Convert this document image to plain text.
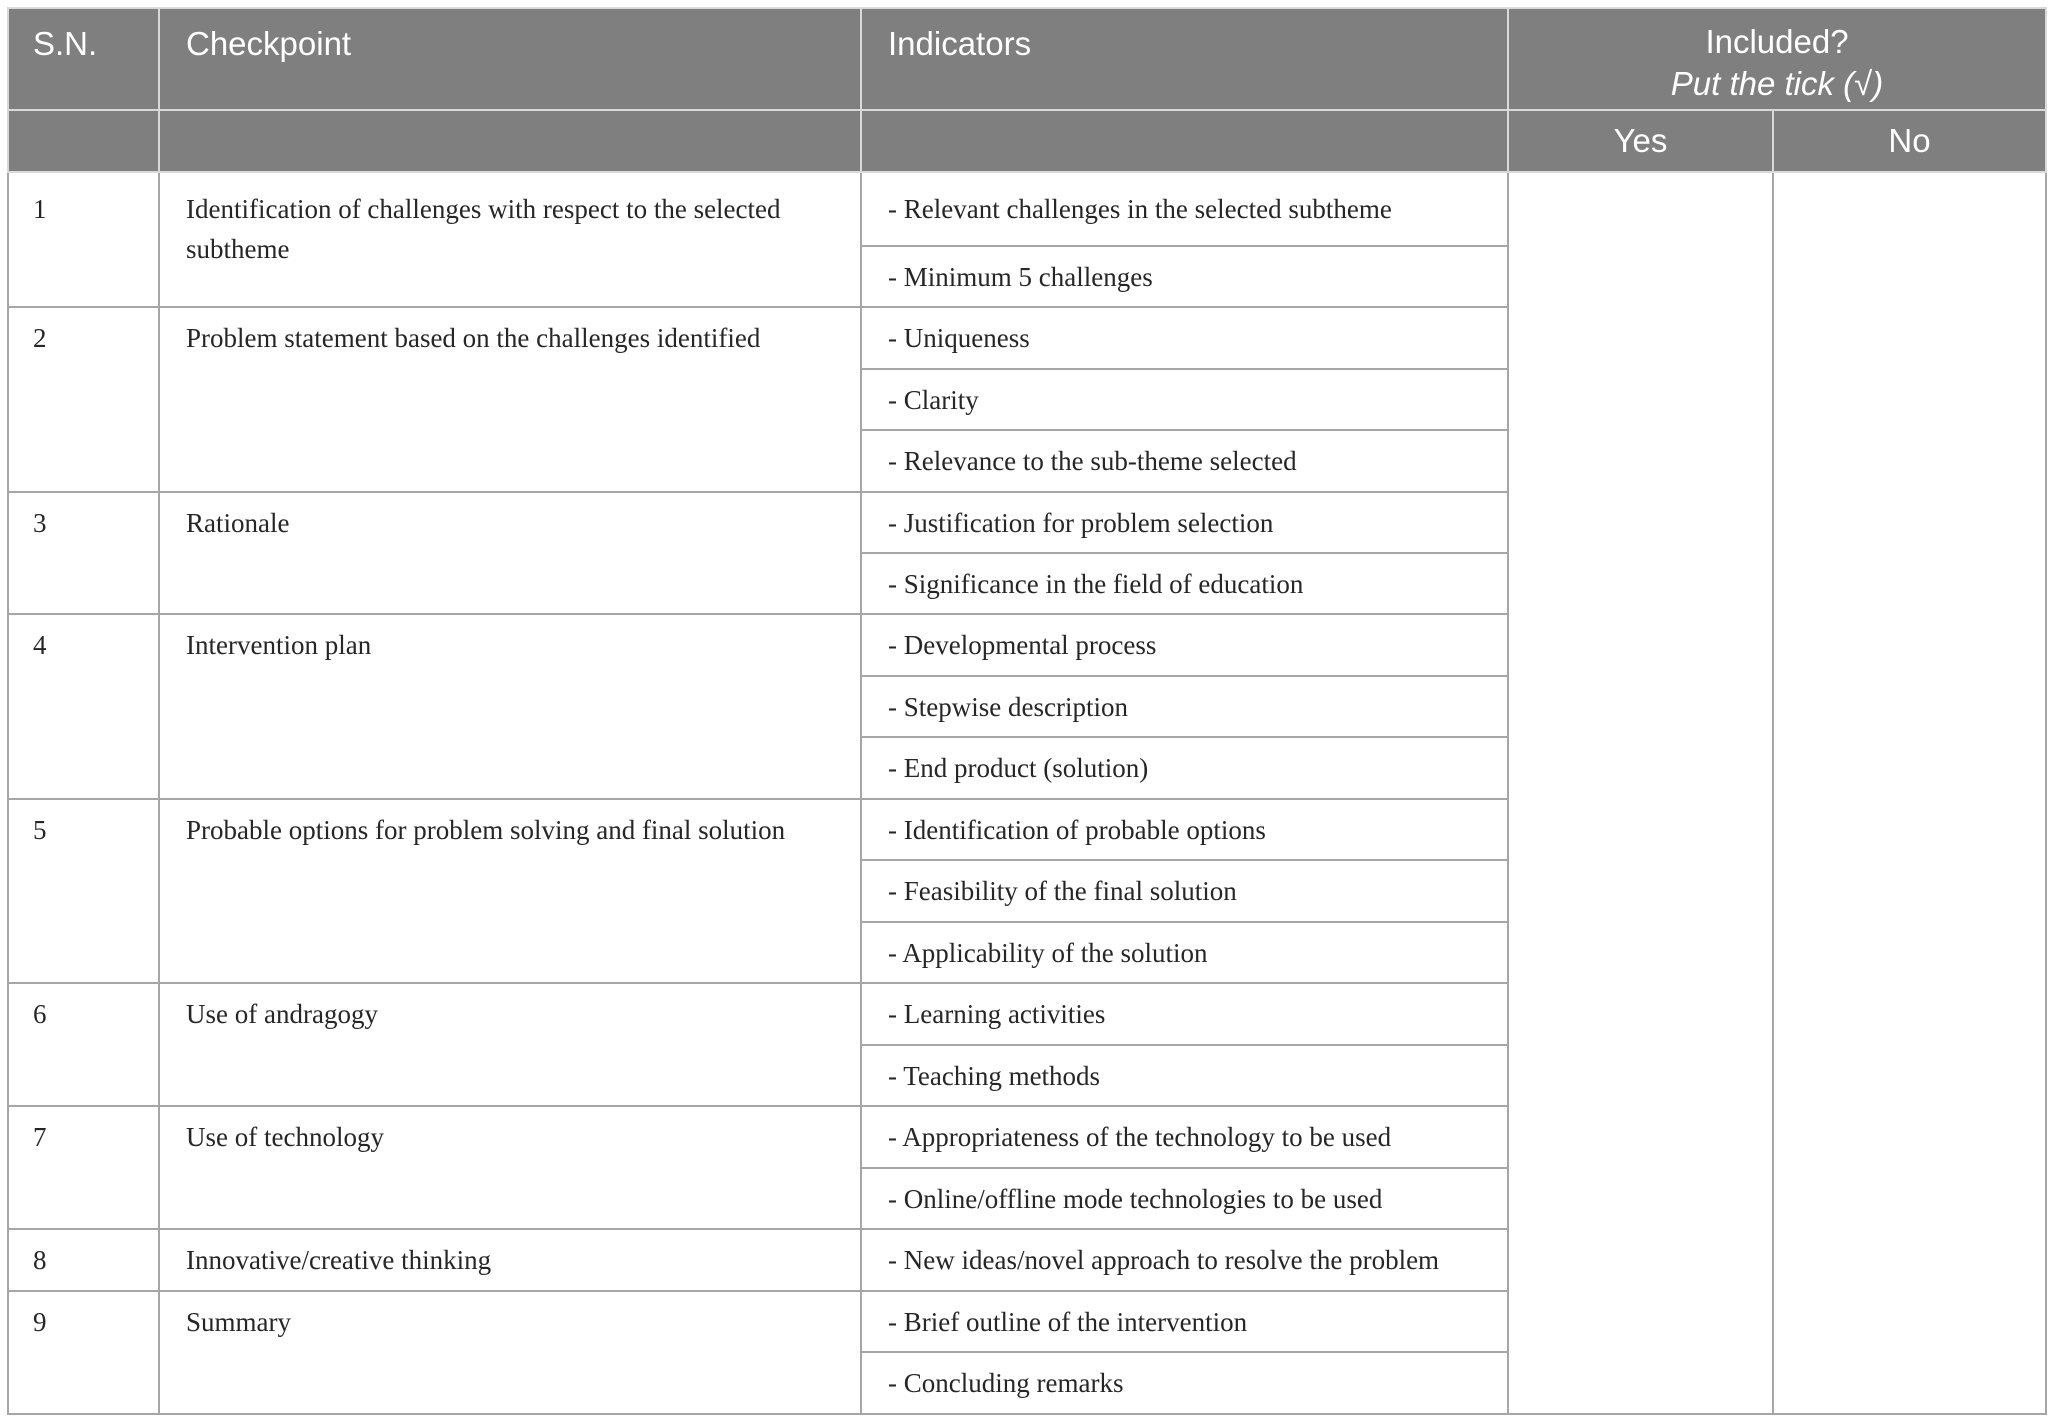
S.N.	Checkpoint	Indicators	Included?
Put the tick (√)	
			Yes	No
1	Identification of challenges with respect to the selected subtheme	- Relevant challenges in the selected subtheme		
		- Minimum 5 challenges		
2	Problem statement based on the challenges identified	- Uniqueness		
		- Clarity		
		- Relevance to the sub-theme selected		
3	Rationale	- Justification for problem selection		
		- Significance in the field of education		
4	Intervention plan	- Developmental process		
		- Stepwise description		
		- End product (solution)		
5	Probable options for problem solving and final solution	- Identification of probable options		
		- Feasibility of the final solution		
		- Applicability of the solution		
6	Use of andragogy	- Learning activities		
		- Teaching methods		
7	Use of technology	- Appropriateness of the technology to be used		
		- Online/offline mode technologies to be used		
8	Innovative/creative thinking	- New ideas/novel approach to resolve the problem		
9	Summary	- Brief outline of the intervention		
		- Concluding remarks		
